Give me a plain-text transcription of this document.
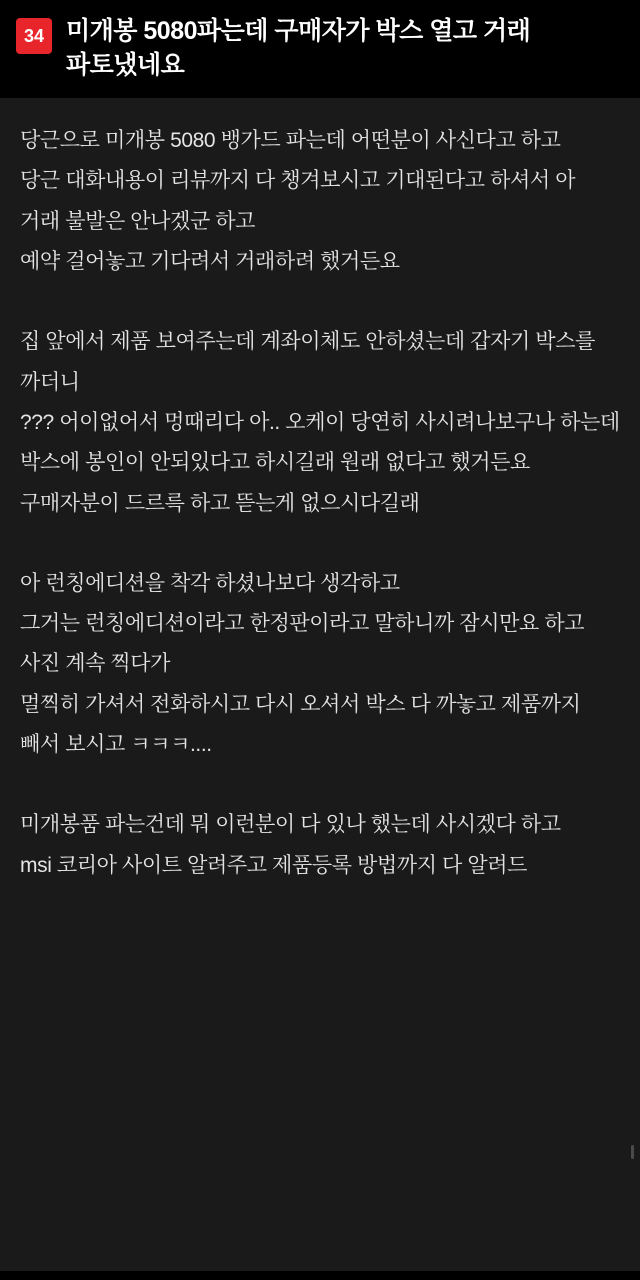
34 미개봉 5080파는데 구매자가 박스 열고 거래 파토냈네요
당근으로 미개봉 5080 뱅가드 파는데 어떤분이 사신다고 하고
당근 대화내용이 리뷰까지 다 챙겨보시고 기대된다고 하셔서 아 거래 불발은 안나겠군 하고
예약 걸어놓고 기다려서 거래하려 했거든요
집 앞에서 제품 보여주는데 계좌이체도 안하셨는데 갑자기 박스를 까더니
??? 어이없어서 멍때리다 아.. 오케이 당연히 사시려나보구나 하는데
박스에 봉인이 안되있다고 하시길래 원래 없다고 했거든요
구매자분이 드르륵 하고 뜯는게 없으시다길래
아 런칭에디션을 착각 하셨나보다 생각하고
그거는 런칭에디션이라고 한정판이라고 말하니까 잠시만요 하고 사진 계속 찍다가
멀찍히 가셔서 전화하시고 다시 오셔서 박스 다 까놓고 제품까지 빼서 보시고 ㅋㅋㅋ....
미개봉품 파는건데 뭐 이런분이 다 있나 했는데 사시겠다 하고
msi 코리아 사이트 알려주고 제품등록 방법까지 다 알려드
